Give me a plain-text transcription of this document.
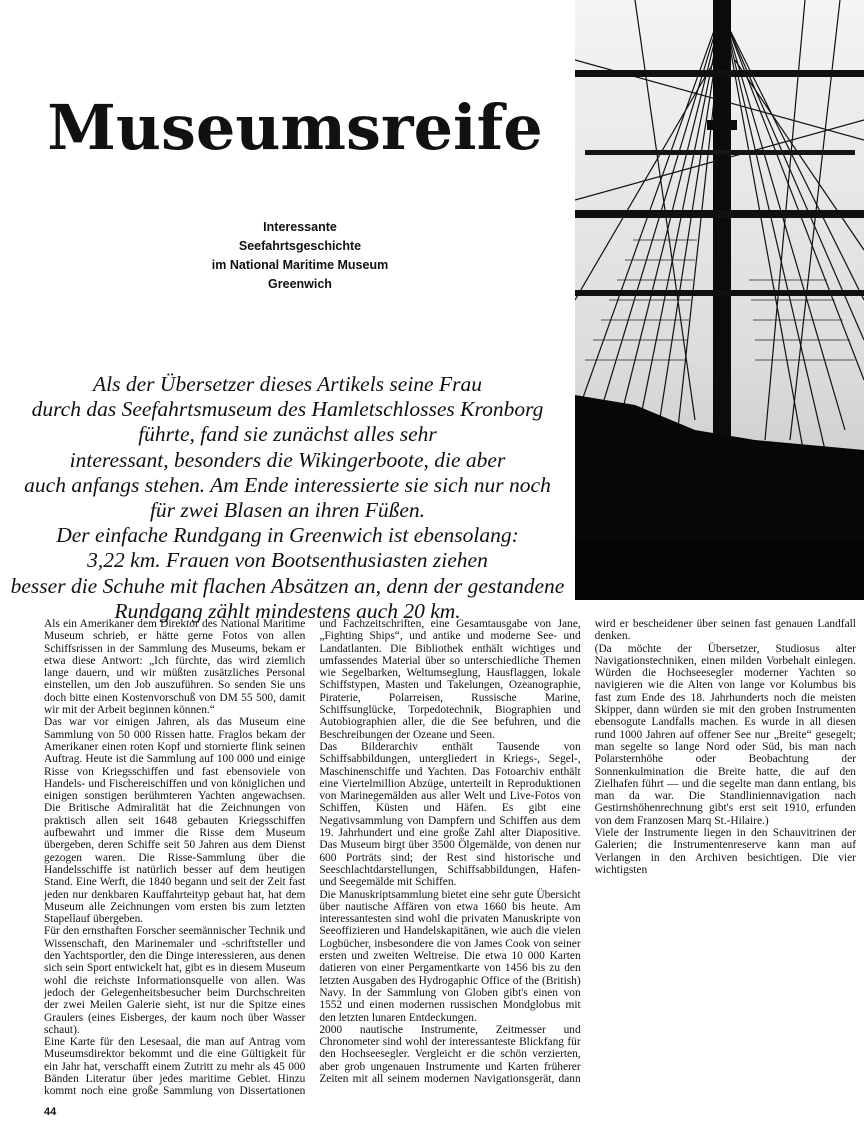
Museumsreife
Interessante
Seefahrtsgeschichte
im National Maritime Museum
Greenwich
Als der Übersetzer dieses Artikels seine Frau
durch das Seefahrtsmuseum des Hamletschlosses Kronborg
führte, fand sie zunächst alles sehr
interessant, besonders die Wikingerboote, die aber
auch anfangs stehen. Am Ende interessierte sie sich nur noch
für zwei Blasen an ihren Füßen.
Der einfache Rundgang in Greenwich ist ebensolang:
3,22 km. Frauen von Bootsenthusiasten ziehen
besser die Schuhe mit flachen Absätzen an, denn der gestandene
Rundgang zählt mindestens auch 20 km.

Als ein Amerikaner dem Direktor des National Maritime Museum schrieb, er hätte gerne Fotos von allen Schiffsrissen in der Sammlung des Museums, bekam er etwa diese Antwort: „Ich fürchte, das wird ziemlich lange dauern, und wir müßten zusätzliches Personal einstellen, um den Job auszuführen. So senden Sie uns doch bitte einen Kostenvorschuß von DM 55 500, damit wir mit der Arbeit beginnen können.“

Das war vor einigen Jahren, als das Museum eine Sammlung von 50 000 Rissen hatte. Fraglos bekam der Amerikaner einen roten Kopf und stornierte flink seinen Auftrag. Heute ist die Sammlung auf 100 000 und einige Risse von Kriegsschiffen und fast ebensoviele von Handels- und Fischereischiffen und von königlichen und einigen sonstigen berühmteren Yachten angewachsen. Die Britische Admiralität hat die Zeichnungen von praktisch allen seit 1648 gebauten Kriegsschiffen aufbewahrt und immer die Risse dem Museum übergeben, deren Schiffe seit 50 Jahren aus dem Dienst gezogen waren. Die Risse-Sammlung über die Handelsschiffe ist natürlich besser auf dem heutigen Stand. Eine Werft, die 1840 begann und seit der Zeit fast jeden nur denkbaren Kauffahrteityp gebaut hat, hat dem Museum alle Zeichnungen vom ersten bis zum letzten Stapellauf übergeben.

Für den ernsthaften Forscher seemännischer Technik und Wissenschaft, den Marinemaler und -schriftsteller und den Yachtsportler, den die Dinge interessieren, aus denen sich sein Sport entwickelt hat, gibt es in diesem Museum wohl die reichste Informationsquelle von allen. Was jedoch der Gelegenheitsbesucher beim Durchschreiten der zwei Meilen Galerie sieht, ist nur die Spitze eines Graulers (eines Eisberges, der kaum noch über Wasser schaut).

Eine Karte für den Lesesaal, die man auf Antrag vom Museumsdirektor bekommt und die eine Gültigkeit für ein Jahr hat, verschafft einem Zutritt zu mehr als 45 000 Bänden Literatur über jedes maritime Gebiet. Hinzu kommt noch eine große Sammlung von Dissertationen und Fachzeitschriften, eine Gesamtausgabe von Jane, „Fighting Ships“, und antike und moderne See- und Landatlanten. Die Bibliothek enthält wichtiges und umfassendes Material über so unterschiedliche Themen wie Segelbarken, Weltumseglung, Hausflaggen, lokale Schiffstypen, Masten und Takelungen, Ozeanographie, Piraterie, Polarreisen, Russische Marine, Schiffsunglücke, Torpedotechnik, Biographien und Autobiographien aller, die die See befuhren, und die Beschreibungen der Ozeane und Seen.

Das Bilderarchiv enthält Tausende von Schiffsabbildungen, untergliedert in Kriegs-, Segel-, Maschinenschiffe und Yachten. Das Fotoarchiv enthält eine Viertelmillion Abzüge, unterteilt in Reproduktionen von Marinegemälden aus aller Welt und Live-Fotos von Schiffen, Küsten und Häfen. Es gibt eine Negativsammlung von Dampfern und Schiffen aus dem 19. Jahrhundert und eine große Zahl alter Diapositive. Das Museum birgt über 3500 Ölgemälde, von denen nur 600 Porträts sind; der Rest sind historische und Seeschlachtdarstellungen, Schiffsabbildungen, Hafen- und Seegemälde mit Schiffen.

Die Manuskriptsammlung bietet eine sehr gute Übersicht über nautische Affären von etwa 1660 bis heute. Am interessantesten sind wohl die privaten Manuskripte von Seeoffizieren und Handelskapitänen, wie auch die vielen Logbücher, insbesondere die von James Cook von seiner ersten und zweiten Weltreise. Die etwa 10 000 Karten datieren von einer Pergamentkarte von 1456 bis zu den letzten Ausgaben des Hydrogaphic Office of the (British) Navy. In der Sammlung von Globen gibt's einen von 1552 und einen modernen russischen Mondglobus mit den letzten lunaren Entdeckungen.

2000 nautische Instrumente, Zeitmesser und Chronometer sind wohl der interessanteste Blickfang für den Hochseesegler. Vergleicht er die schön verzierten, aber grob ungenauen Instrumente und Karten früherer Zeiten mit all seinem modernen Navigationsgerät, dann wird er bescheidener über seinen fast genauen Landfall denken.

(Da möchte der Übersetzer, Studiosus alter Navigationstechniken, einen milden Vorbehalt einlegen. Würden die Hochseesegler moderner Yachten so navigieren wie die Alten von lange vor Kolumbus bis fast zum Ende des 18. Jahrhunderts noch die meisten Skipper, dann würden sie mit den groben Instrumenten ebensogute Landfalls machen. Es wurde in all diesen rund 1000 Jahren auf offener See nur „Breite“ gesegelt; man segelte so lange Nord oder Süd, bis man nach Polarsternhöhe oder Beobachtung der Sonnenkulmination die Breite hatte, die auf den Zielhafen führt — und die segelte man dann entlang, bis man da war. Die Standliniennavigation nach Gestirnshöhenrechnung gibt's erst seit 1910, erfunden von dem Franzosen Marq St.-Hilaire.)

Viele der Instrumente liegen in den Schauvitrinen der Galerien; die Instrumentenreserve kann man auf Verlangen in den Archiven besichtigen. Die vier wichtigsten

44
